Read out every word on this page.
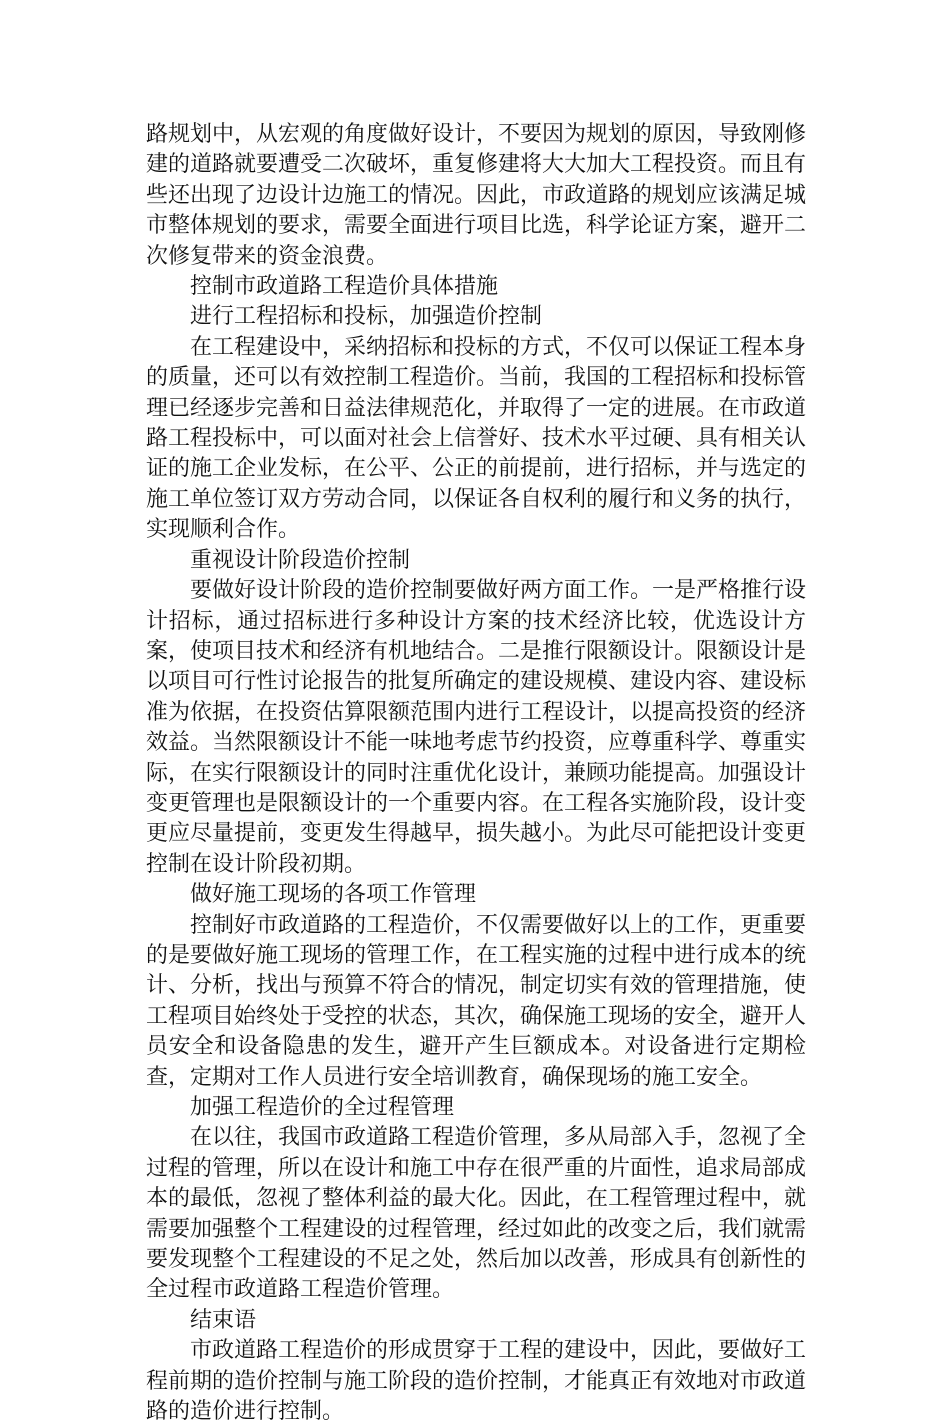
路规划中，从宏观的角度做好设计，不要因为规划的原因，导致刚修建的道路就要遭受二次破坏，重复修建将大大加大工程投资。而且有些还出现了边设计边施工的情况。因此，市政道路的规划应该满足城市整体规划的要求，需要全面进行项目比选，科学论证方案，避开二次修复带来的资金浪费。

控制市政道路工程造价具体措施

进行工程招标和投标，加强造价控制

在工程建设中，采纳招标和投标的方式，不仅可以保证工程本身的质量，还可以有效控制工程造价。当前，我国的工程招标和投标管理已经逐步完善和日益法律规范化，并取得了一定的进展。在市政道路工程投标中，可以面对社会上信誉好、技术水平过硬、具有相关认证的施工企业发标，在公平、公正的前提前，进行招标，并与选定的施工单位签订双方劳动合同，以保证各自权利的履行和义务的执行，实现顺利合作。

重视设计阶段造价控制

要做好设计阶段的造价控制要做好两方面工作。一是严格推行设计招标，通过招标进行多种设计方案的技术经济比较，优选设计方案，使项目技术和经济有机地结合。二是推行限额设计。限额设计是以项目可行性讨论报告的批复所确定的建设规模、建设内容、建设标准为依据，在投资估算限额范围内进行工程设计，以提高投资的经济效益。当然限额设计不能一味地考虑节约投资，应尊重科学、尊重实际，在实行限额设计的同时注重优化设计，兼顾功能提高。加强设计变更管理也是限额设计的一个重要内容。在工程各实施阶段，设计变更应尽量提前，变更发生得越早，损失越小。为此尽可能把设计变更控制在设计阶段初期。

做好施工现场的各项工作管理

控制好市政道路的工程造价，不仅需要做好以上的工作，更重要的是要做好施工现场的管理工作，在工程实施的过程中进行成本的统计、分析，找出与预算不符合的情况，制定切实有效的管理措施，使工程项目始终处于受控的状态，其次，确保施工现场的安全，避开人员安全和设备隐患的发生，避开产生巨额成本。对设备进行定期检查，定期对工作人员进行安全培训教育，确保现场的施工安全。

加强工程造价的全过程管理

在以往，我国市政道路工程造价管理，多从局部入手，忽视了全过程的管理，所以在设计和施工中存在很严重的片面性，追求局部成本的最低，忽视了整体利益的最大化。因此，在工程管理过程中，就需要加强整个工程建设的过程管理，经过如此的改变之后，我们就需要发现整个工程建设的不足之处，然后加以改善，形成具有创新性的全过程市政道路工程造价管理。

结束语

市政道路工程造价的形成贯穿于工程的建设中，因此，要做好工程前期的造价控制与施工阶段的造价控制，才能真正有效地对市政道路的造价进行控制。
